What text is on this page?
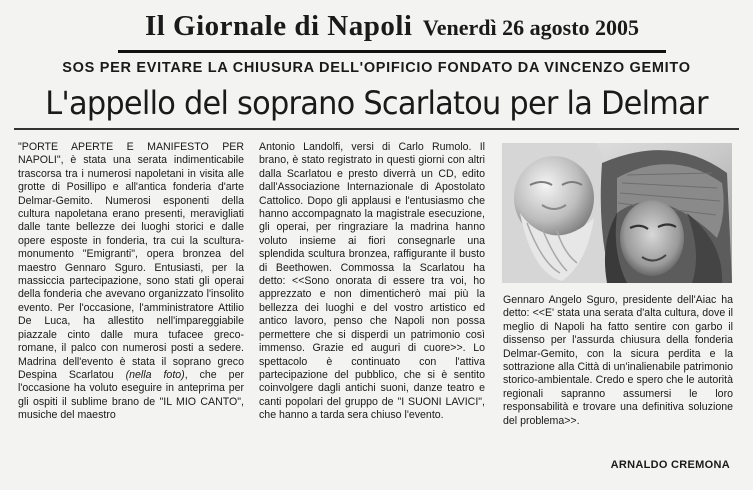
Il Giornale di Napoli Venerdì 26 agosto 2005
SOS PER EVITARE LA CHIUSURA DELL'OPIFICIO FONDATO DA VINCENZO GEMITO
L'appello del soprano Scarlatou per la Delmar

"PORTE APERTE E MANIFESTO PER NAPOLI", è stata una serata indimenticabile trascorsa tra i numerosi napoletani in visita alle grotte di Posillipo e all'antica fonderia d'arte Delmar-Gemito. Numerosi esponenti della cultura napoletana erano presenti, meravigliati dalle tante bellezze dei luoghi storici e dalle opere esposte in fonderia, tra cui la scultura-monumento "Emigranti", opera bronzea del maestro Gennaro Sguro. Entusiasti, per la massiccia partecipazione, sono stati gli operai della fonderia che avevano organizzato l'insolito evento. Per l'occasione, l'amministratore Attilio De Luca, ha allestito nell'impareggiabile piazzale cinto dalle mura tufacee greco-romane, il palco con numerosi posti a sedere. Madrina dell'evento è stata il soprano greco Despina Scarlatou (nella foto), che per l'occasione ha voluto eseguire in anteprima per gli ospiti il sublime brano de "IL MIO CANTO", musiche del maestro

Antonio Landolfi, versi di Carlo Rumolo. Il brano, è stato registrato in questi giorni con altri dalla Scarlatou e presto diverrà un CD, edito dall'Associazione Internazionale di Apostolato Cattolico. Dopo gli applausi e l'entusiasmo che hanno accompagnato la magistrale esecuzione, gli operai, per ringraziare la madrina hanno voluto insieme ai fiori consegnarle una splendida scultura bronzea, raffigurante il busto di Beethowen. Commossa la Scarlatou ha detto: <<Sono onorata di essere tra voi, ho apprezzato e non dimenticherò mai più la bellezza dei luoghi e del vostro artistico ed antico lavoro, penso che Napoli non possa permettere che si disperdi un patrimonio così immenso. Grazie ed auguri di cuore>>. Lo spettacolo è continuato con l'attiva partecipazione del pubblico, che si è sentito coinvolgere dagli antichi suoni, danze teatro e canti popolari del gruppo de "I SUONI LAVICI", che hanno a tarda sera chiuso l'evento.

Gennaro Angelo Sguro, presidente dell'Aiac ha detto: <<E' stata una serata d'alta cultura, dove il meglio di Napoli ha fatto sentire con garbo il dissenso per l'assurda chiusura della fonderia Delmar-Gemito, con la sicura perdita e la sottrazione alla Città di un'inalienabile patrimonio storico-ambientale. Credo e spero che le autorità regionali sapranno assumersi le loro responsabilità e trovare una definitiva soluzione del problema>>.

ARNALDO CREMONA
